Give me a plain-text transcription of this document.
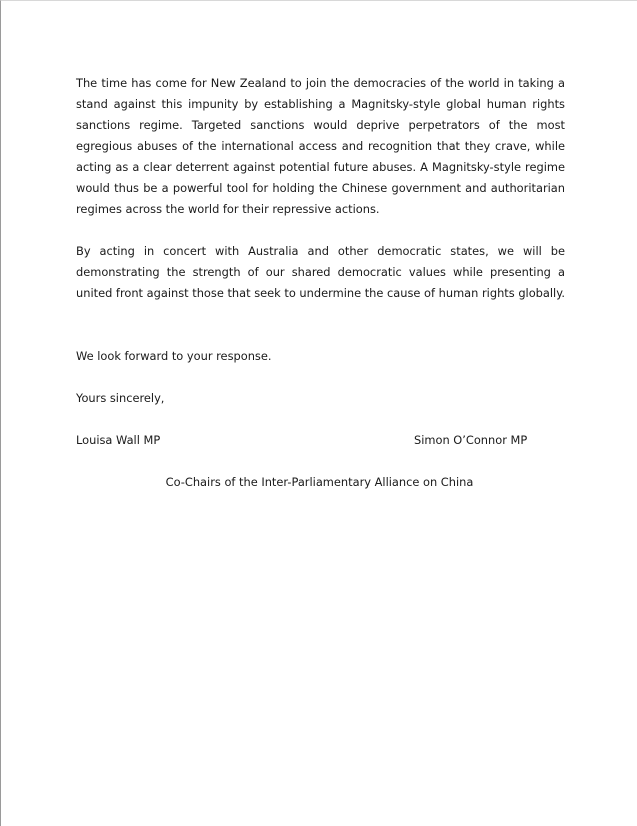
The time has come for New Zealand to join the democracies of the world in taking a stand against this impunity by establishing a Magnitsky-style global human rights sanctions regime. Targeted sanctions would deprive perpetrators of the most egregious abuses of the international access and recognition that they crave, while acting as a clear deterrent against potential future abuses. A Magnitsky-style regime would thus be a powerful tool for holding the Chinese government and authoritarian regimes across the world for their repressive actions.

By acting in concert with Australia and other democratic states, we will be demonstrating the strength of our shared democratic values while presenting a united front against those that seek to undermine the cause of human rights globally.

We look forward to your response.

Yours sincerely,

Louisa Wall MP	Simon O’Connor MP
Co-Chairs of the Inter-Parliamentary Alliance on China
